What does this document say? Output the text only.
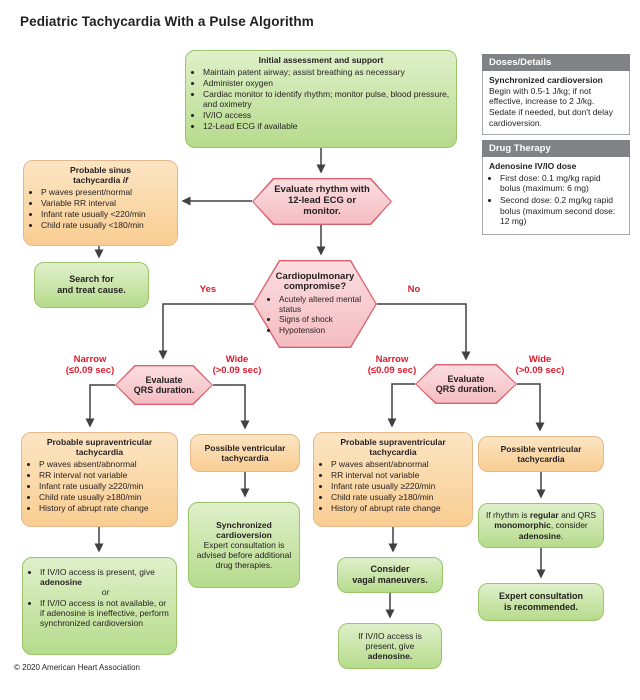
Pediatric Tachycardia With a Pulse Algorithm
Initial assessment and support
• Maintain patent airway; assist breathing as necessary
• Administer oxygen
• Cardiac monitor to identify rhythm; monitor pulse, blood pressure, and oximetry
• IV/IO access
• 12-Lead ECG if available
Doses/Details
Synchronized cardioversion
Begin with 0.5-1 J/kg; if not effective, increase to 2 J/kg. Sedate if needed, but don't delay cardioversion.
Drug Therapy
Adenosine IV/IO dose
• First dose: 0.1 mg/kg rapid bolus (maximum: 6 mg)
• Second dose: 0.2 mg/kg rapid bolus (maximum second dose: 12 mg)
Evaluate rhythm with 12-lead ECG or monitor.
Probable sinus tachycardia if
• P waves present/normal
• Variable RR interval
• Infant rate usually <220/min
• Child rate usually <180/min
Search for
and treat cause.
Cardiopulmonary compromise?
• Acutely altered mental status
• Signs of shock
• Hypotension
Yes	No
Evaluate
QRS duration.
Evaluate
QRS duration.
Narrow
(≤0.09 sec)
Wide
(>0.09 sec)
Narrow
(≤0.09 sec)
Wide
(>0.09 sec)
Probable supraventricular tachycardia
• P waves absent/abnormal
• RR interval not variable
• Infant rate usually ≥220/min
• Child rate usually ≥180/min
• History of abrupt rate change
Possible ventricular tachycardia
Probable supraventricular tachycardia
• P waves absent/abnormal
• RR interval not variable
• Infant rate usually ≥220/min
• Child rate usually ≥180/min
• History of abrupt rate change
Possible ventricular tachycardia
• If IV/IO access is present, give adenosine
or
• If IV/IO access is not available, or if adenosine is ineffective, perform synchronized cardioversion
Synchronized cardioversion
Expert consultation is advised before additional drug therapies.	Consider
vagal maneuvers.
If IV/IO access is present, give adenosine.
If rhythm is regular and QRS monomorphic, consider adenosine.
Expert consultation
is recommended.
© 2020 American Heart Association
